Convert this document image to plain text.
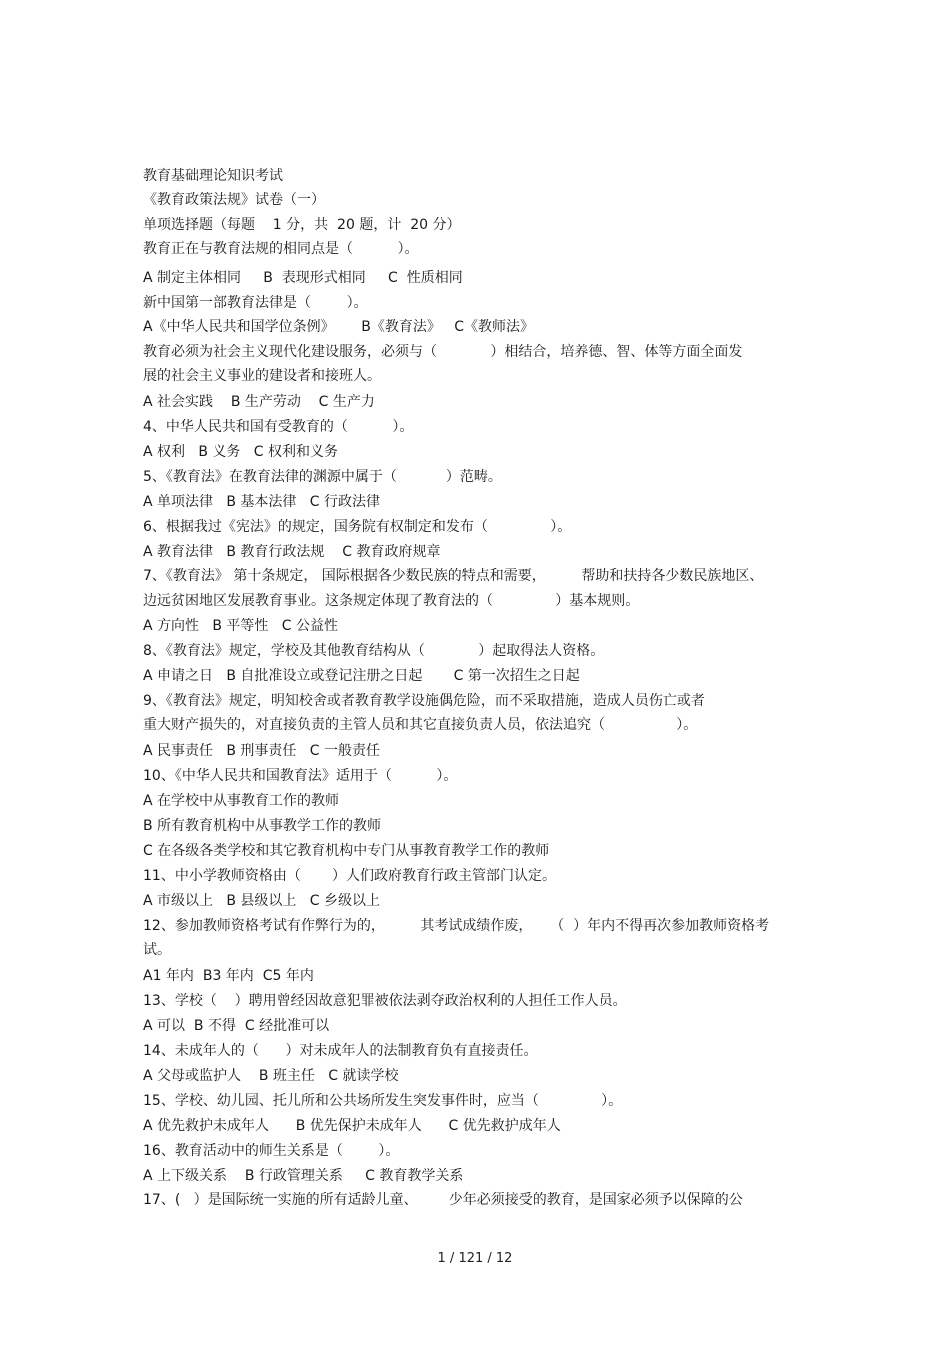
教育基础理论知识考试
《教育政策法规》试卷（一）
单项选择题（每题    1 分，共  20 题，计  20 分）
教育正在与教育法规的相同点是（          ）。
A 制定主体相同     B  表现形式相同     C  性质相同
新中国第一部教育法律是（        ）。
A《中华人民共和国学位条例》      B《教育法》   C《教师法》
教育必须为社会主义现代化建设服务，必须与（            ）相结合，培养德、智、体等方面全面发
展的社会主义事业的建设者和接班人。
A 社会实践    B 生产劳动    C 生产力
4、中华人民共和国有受教育的（          ）。
A 权利   B 义务   C 权利和义务
5、《教育法》在教育法律的渊源中属于（           ）范畴。
A 单项法律   B 基本法律   C 行政法律
6、根据我过《宪法》的规定，国务院有权制定和发布（              ）。
A 教育法律   B 教育行政法规    C 教育政府规章
7、《教育法》 第十条规定， 国际根据各少数民族的特点和需要，        帮助和扶持各少数民族地区、
边远贫困地区发展教育事业。这条规定体现了教育法的（              ）基本规则。
A 方向性   B 平等性   C 公益性
8、《教育法》规定，学校及其他教育结构从（            ）起取得法人资格。
A 申请之日   B 自批准设立或登记注册之日起       C 第一次招生之日起
9、《教育法》规定，明知校舍或者教育教学设施偶危险，而不采取措施，造成人员伤亡或者
重大财产损失的，对直接负责的主管人员和其它直接负责人员，依法追究（                ）。
A 民事责任   B 刑事责任   C 一般责任
10、《中华人民共和国教育法》适用于（          ）。
A 在学校中从事教育工作的教师
B 所有教育机构中从事教学工作的教师
C 在各级各类学校和其它教育机构中专门从事教育教学工作的教师
11、中小学教师资格由（       ）人们政府教育行政主管部门认定。
A 市级以上   B 县级以上   C 乡级以上
12、参加教师资格考试有作弊行为的，        其考试成绩作废，    （  ）年内不得再次参加教师资格考
试。
A1 年内  B3 年内  C5 年内
13、学校（    ）聘用曾经因故意犯罪被依法剥夺政治权利的人担任工作人员。
A 可以  B 不得  C 经批准可以
14、未成年人的（      ）对未成年人的法制教育负有直接责任。
A 父母或监护人    B 班主任   C 就读学校
15、学校、幼儿园、托儿所和公共场所发生突发事件时，应当（              ）。
A 优先救护未成年人      B 优先保护未成年人      C 优先救护成年人
16、教育活动中的师生关系是（        ）。
A 上下级关系    B 行政管理关系     C 教育教学关系
17、(   ）是国际统一实施的所有适龄儿童、       少年必须接受的教育，是国家必须予以保障的公
1 / 121 / 12
